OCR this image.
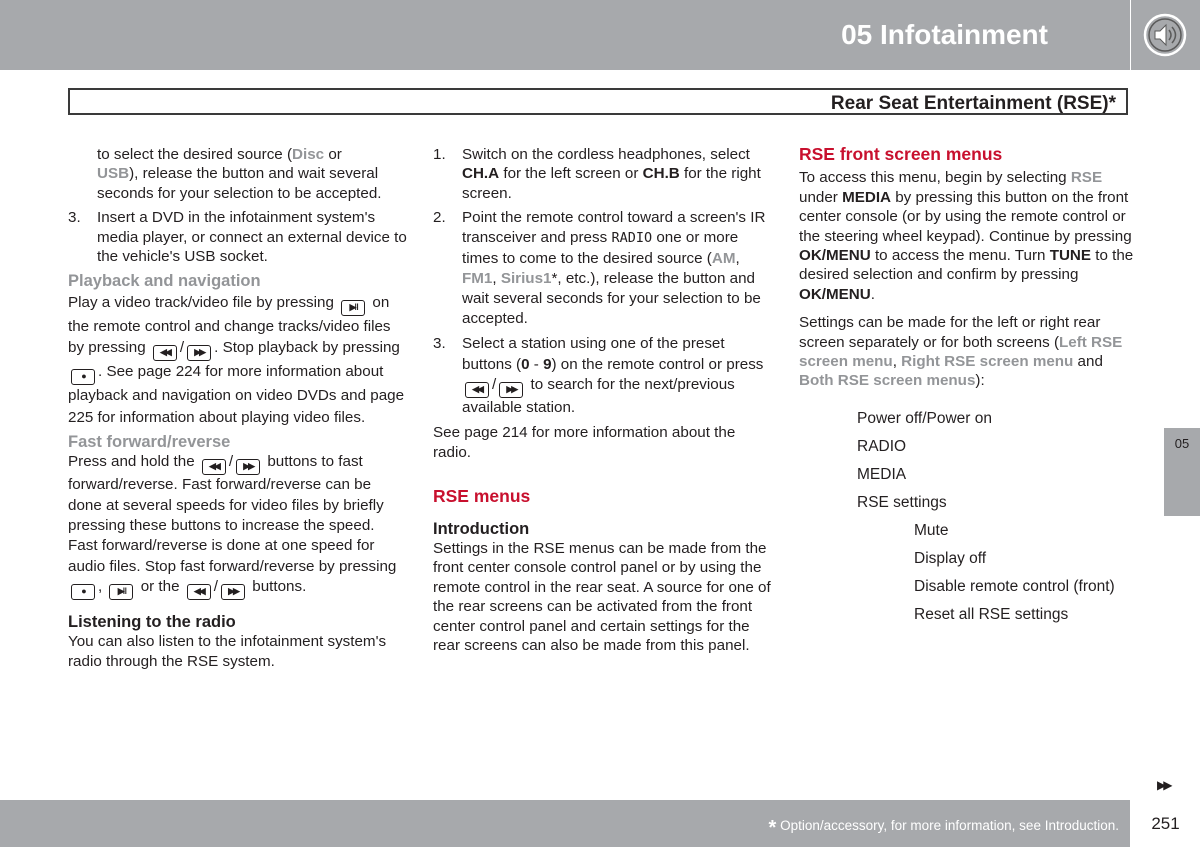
05 Infotainment
Rear Seat Entertainment (RSE)*

to select the desired source (Disc or
USB), release the button and wait several seconds for your selection to be accepted.

3. Insert a DVD in the infotainment system's media player, or connect an external device to the vehicle's USB socket.

Playback and navigation

Play a video track/video file by pressing ▶‖ on the remote control and change tracks/video files by pressing ◀◀ / ▶▶ . Stop playback by pressing ● . See page 224 for more information about playback and navigation on video DVDs and page 225 for information about playing video files.

Fast forward/reverse

Press and hold the ◀◀ / ▶▶ buttons to fast forward/reverse. Fast forward/reverse can be done at several speeds for video files by briefly pressing these buttons to increase the speed. Fast forward/reverse is done at one speed for audio files. Stop fast forward/reverse by pressing ● , ▶‖ or the ◀◀ / ▶▶ buttons.

Listening to the radio

You can also listen to the infotainment system's radio through the RSE system.

1. Switch on the cordless headphones, select CH.A for the left screen or CH.B for the right screen.

2. Point the remote control toward a screen's IR transceiver and press RADIO one or more times to come to the desired source (AM, FM1, Sirius1*, etc.), release the button and wait several seconds for your selection to be accepted.

3. Select a station using one of the preset buttons (0 - 9) on the remote control or press ◀◀ / ▶▶ to search for the next/previous available station.

See page 214 for more information about the radio.

RSE menus

Introduction

Settings in the RSE menus can be made from the front center console control panel or by using the remote control in the rear seat. A source for one of the rear screens can be activated from the front center control panel and certain settings for the rear screens can also be made from this panel.

RSE front screen menus

To access this menu, begin by selecting RSE under MEDIA by pressing this button on the front center console (or by using the remote control or the steering wheel keypad). Continue by pressing OK/MENU to access the menu. Turn TUNE to the desired selection and confirm by pressing OK/MENU.

Settings can be made for the left or right rear screen separately or for both screens (Left RSE screen menu, Right RSE screen menu and Both RSE screen menus):

Power off/Power on
RADIO
MEDIA
RSE settings
Mute
Display off
Disable remote control (front)
Reset all RSE settings
05
▶▶
* Option/accessory, for more information, see Introduction.	251
